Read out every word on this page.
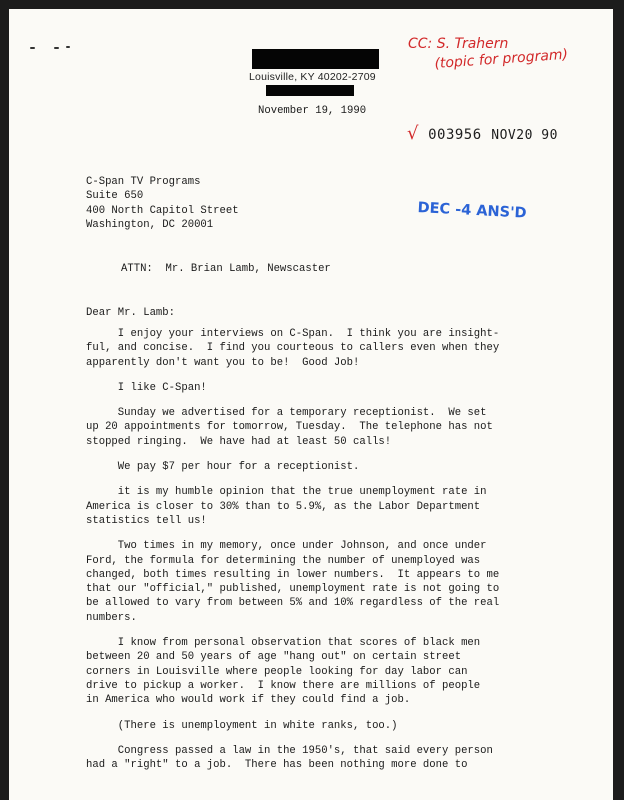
Louisville, KY 40202-2709
CC: S. Trahern
(topic for program)
November 19, 1990
√ 003956 NOV20 90
C-Span TV Programs
Suite 650
400 North Capitol Street
Washington, DC 20001
DEC -4 ANS'D
ATTN:  Mr. Brian Lamb, Newscaster
Dear Mr. Lamb:
I enjoy your interviews on C-Span.  I think you are insight-
ful, and concise.  I find you courteous to callers even when they
apparently don't want you to be!  Good Job!
I like C-Span!
Sunday we advertised for a temporary receptionist.  We set
up 20 appointments for tomorrow, Tuesday.  The telephone has not
stopped ringing.  We have had at least 50 calls!
We pay $7 per hour for a receptionist.
it is my humble opinion that the true unemployment rate in
America is closer to 30% than to 5.9%, as the Labor Department
statistics tell us!
Two times in my memory, once under Johnson, and once under
Ford, the formula for determining the number of unemployed was
changed, both times resulting in lower numbers.  It appears to me
that our "official," published, unemployment rate is not going to
be allowed to vary from between 5% and 10% regardless of the real
numbers.
I know from personal observation that scores of black men
between 20 and 50 years of age "hang out" on certain street
corners in Louisville where people looking for day labor can
drive to pickup a worker.  I know there are millions of people
in America who would work if they could find a job.
(There is unemployment in white ranks, too.)
Congress passed a law in the 1950's, that said every person
had a "right" to a job.  There has been nothing more done to
